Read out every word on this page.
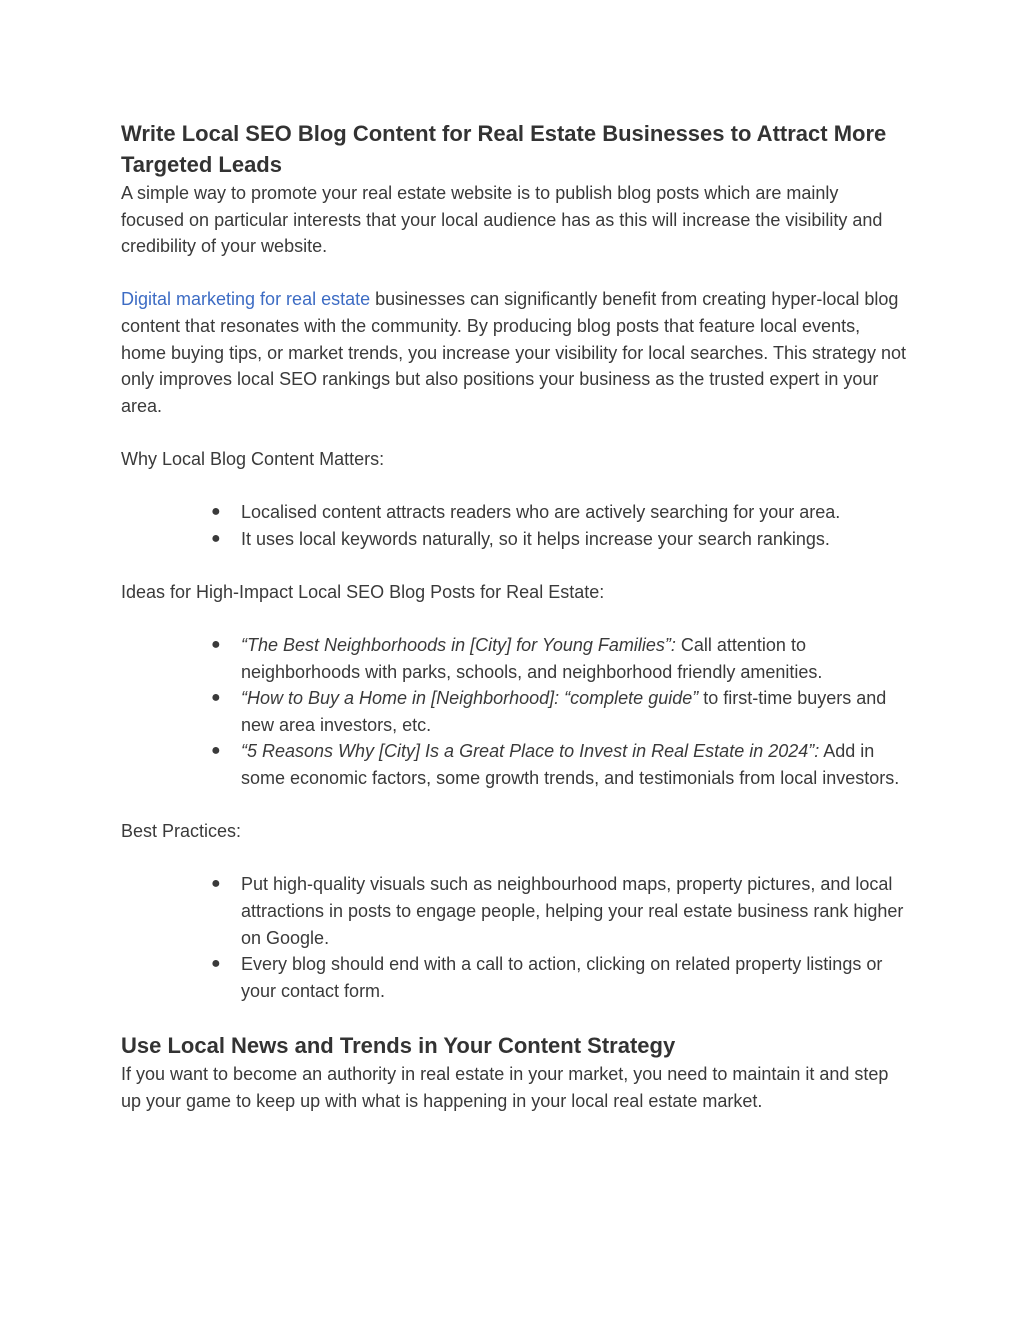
Write Local SEO Blog Content for Real Estate Businesses to Attract More Targeted Leads

A simple way to promote your real estate website is to publish blog posts which are mainly focused on particular interests that your local audience has as this will increase the visibility and credibility of your website.

Digital marketing for real estate businesses can significantly benefit from creating hyper-local blog content that resonates with the community. By producing blog posts that feature local events, home buying tips, or market trends, you increase your visibility for local searches. This strategy not only improves local SEO rankings but also positions your business as the trusted expert in your area.

Why Local Blog Content Matters:

● Localised content attracts readers who are actively searching for your area.
● It uses local keywords naturally, so it helps increase your search rankings.

Ideas for High-Impact Local SEO Blog Posts for Real Estate:

● “The Best Neighborhoods in [City] for Young Families”: Call attention to neighborhoods with parks, schools, and neighborhood friendly amenities.
● “How to Buy a Home in [Neighborhood]: “complete guide” to first-time buyers and new area investors, etc.
● “5 Reasons Why [City] Is a Great Place to Invest in Real Estate in 2024”: Add in some economic factors, some growth trends, and testimonials from local investors.

Best Practices:

● Put high-quality visuals such as neighbourhood maps, property pictures, and local attractions in posts to engage people, helping your real estate business rank higher on Google.
● Every blog should end with a call to action, clicking on related property listings or your contact form.
Use Local News and Trends in Your Content Strategy

If you want to become an authority in real estate in your market, you need to maintain it and step up your game to keep up with what is happening in your local real estate market.
